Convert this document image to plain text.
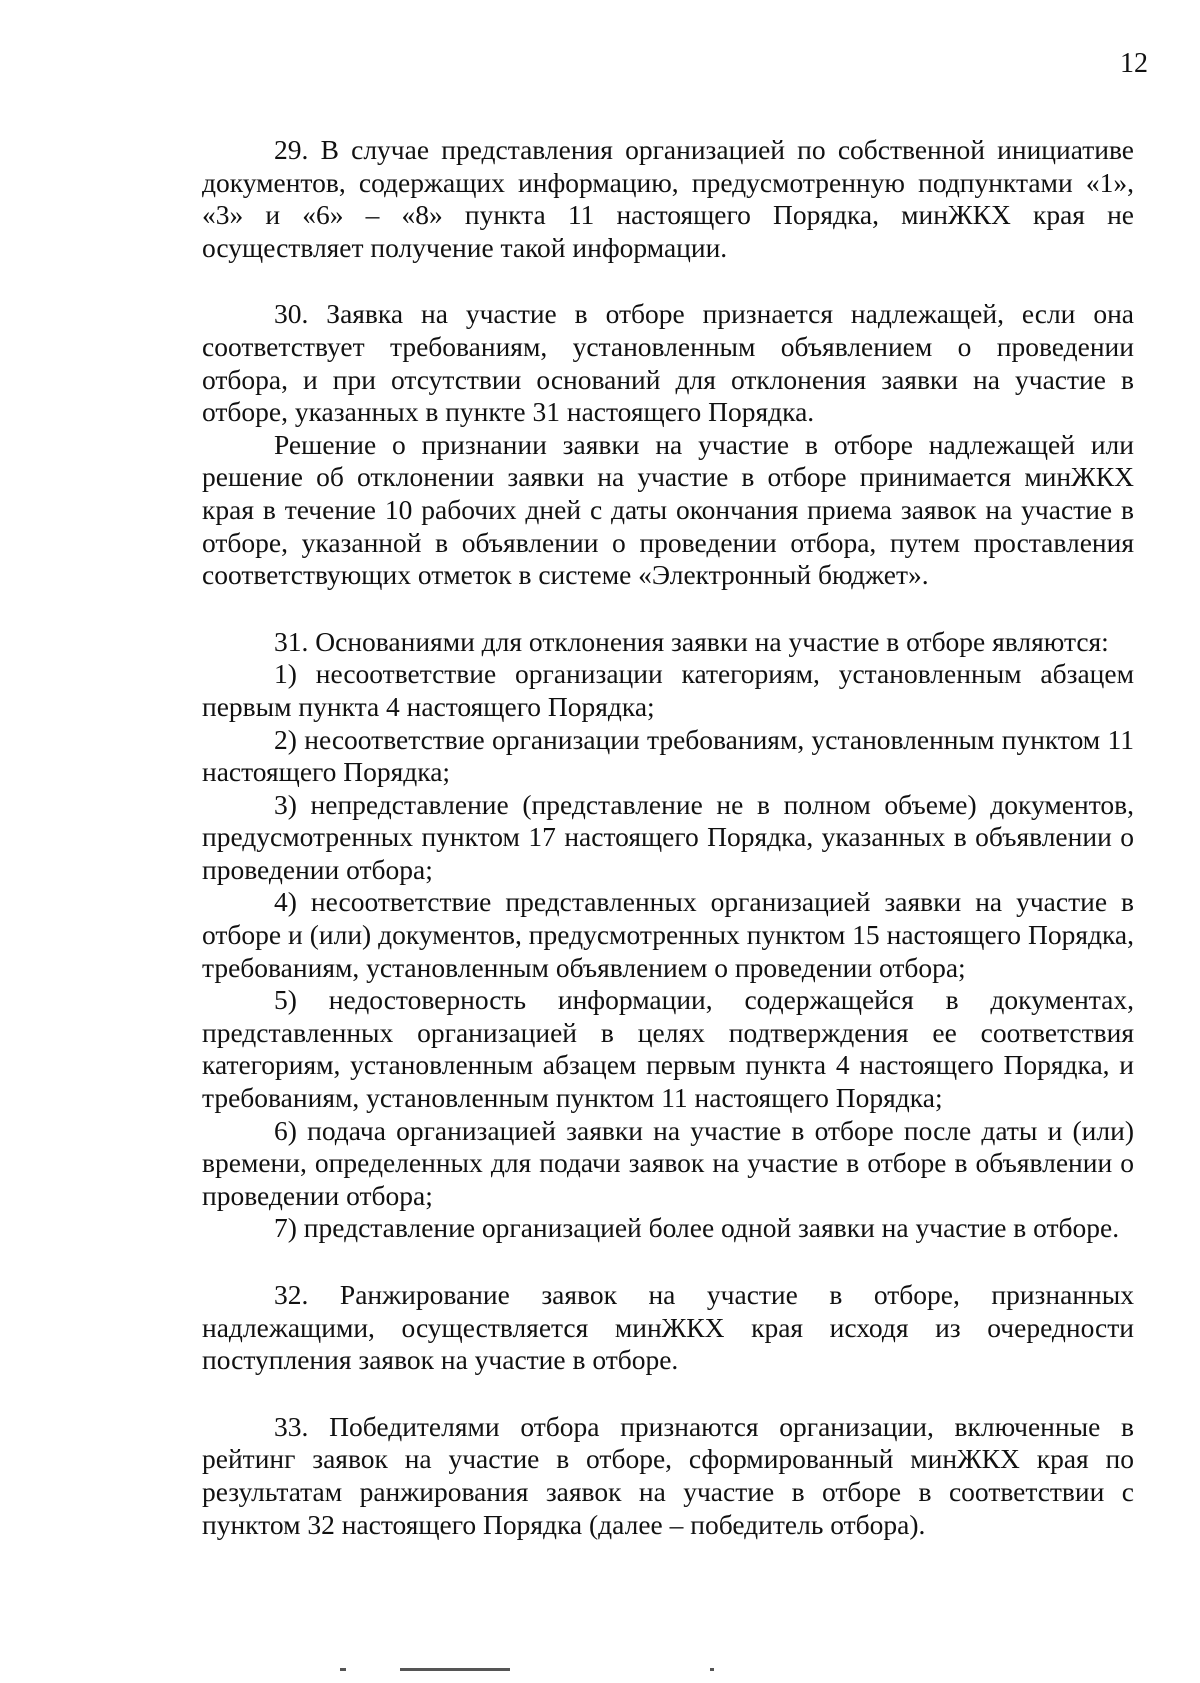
12

29. В случае представления организацией по собственной инициативе документов, содержащих информацию, предусмотренную подпунктами «1», «3» и «6» – «8» пункта 11 настоящего Порядка, минЖКХ края не осуществляет получение такой информации.

30. Заявка на участие в отборе признается надлежащей, если она соответствует требованиям, установленным объявлением о проведении отбора, и при отсутствии оснований для отклонения заявки на участие в отборе, указанных в пункте 31 настоящего Порядка.

Решение о признании заявки на участие в отборе надлежащей или решение об отклонении заявки на участие в отборе принимается минЖКХ края в течение 10 рабочих дней с даты окончания приема заявок на участие в отборе, указанной в объявлении о проведении отбора, путем проставления соответствующих отметок в системе «Электронный бюджет».

31. Основаниями для отклонения заявки на участие в отборе являются:

1) несоответствие организации категориям, установленным абзацем первым пункта 4 настоящего Порядка;

2) несоответствие организации требованиям, установленным пунктом 11 настоящего Порядка;

3) непредставление (представление не в полном объеме) документов, предусмотренных пунктом 17 настоящего Порядка, указанных в объявлении о проведении отбора;

4) несоответствие представленных организацией заявки на участие в отборе и (или) документов, предусмотренных пунктом 15 настоящего Порядка, требованиям, установленным объявлением о проведении отбора;

5) недостоверность информации, содержащейся в документах, представленных организацией в целях подтверждения ее соответствия категориям, установленным абзацем первым пункта 4 настоящего Порядка, и требованиям, установленным пунктом 11 настоящего Порядка;

6) подача организацией заявки на участие в отборе после даты и (или) времени, определенных для подачи заявок на участие в отборе в объявлении о проведении отбора;

7) представление организацией более одной заявки на участие в отборе.

32. Ранжирование заявок на участие в отборе, признанных надлежащими, осуществляется минЖКХ края исходя из очередности поступления заявок на участие в отборе.

33. Победителями отбора признаются организации, включенные в рейтинг заявок на участие в отборе, сформированный минЖКХ края по результатам ранжирования заявок на участие в отборе в соответствии с пунктом 32 настоящего Порядка (далее – победитель отбора).
